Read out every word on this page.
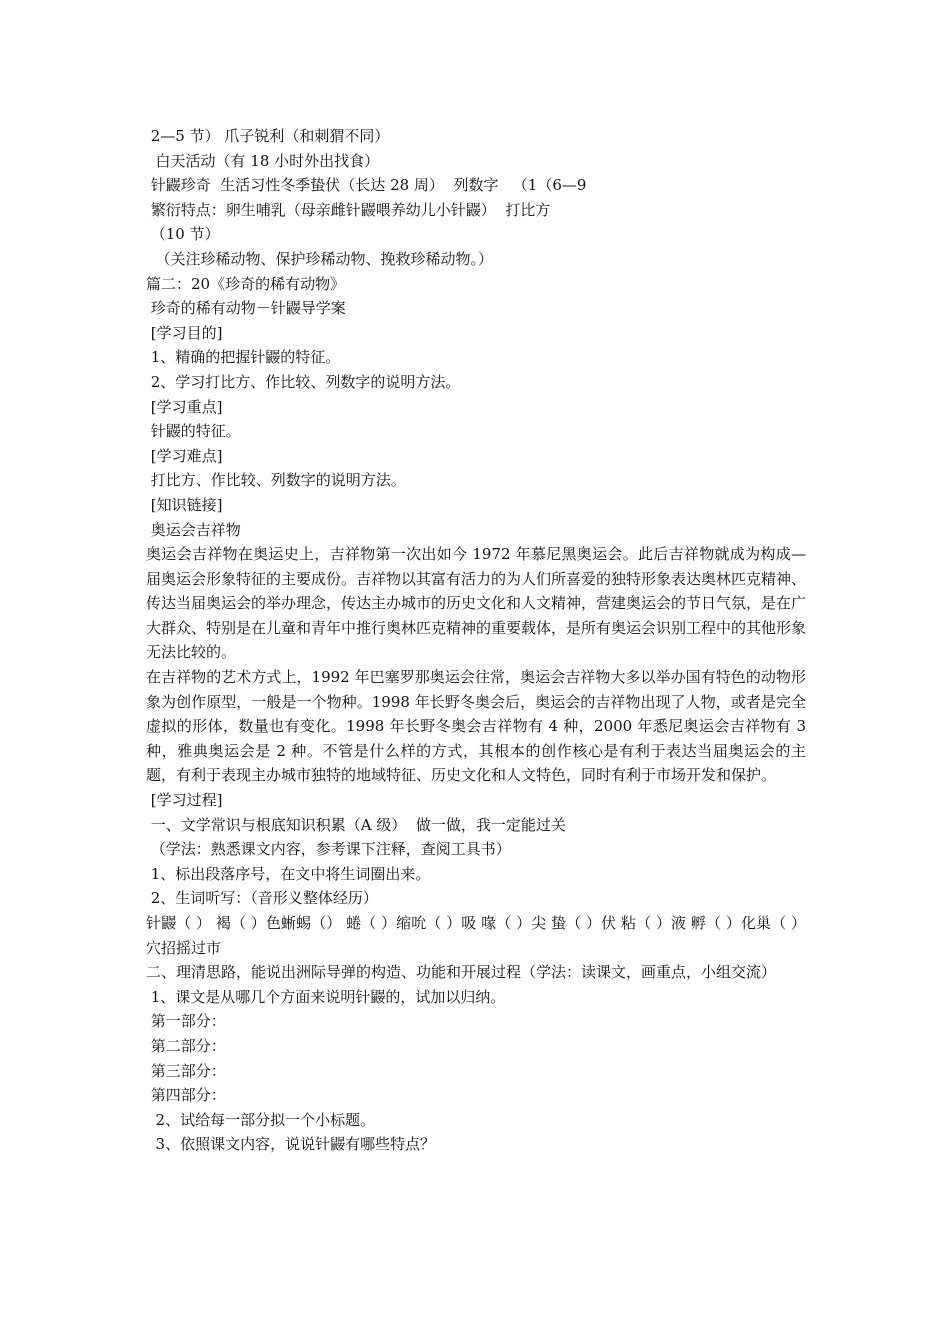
2—5 节） 爪子锐利（和刺猬不同）
白天活动（有 18 小时外出找食）
针鼹珍奇  生活习性冬季蛰伏（长达 28 周）  列数字   （1（6—9
繁衍特点：卵生哺乳（母亲雌针鼹喂养幼儿小针鼹）  打比方
（10 节）
（关注珍稀动物、保护珍稀动物、挽救珍稀动物。）
篇二：20《珍奇的稀有动物》
珍奇的稀有动物－针鼹导学案
[学习目的]
1、精确的把握针鼹的特征。
2、学习打比方、作比较、列数字的说明方法。
[学习重点]
针鼹的特征。
[学习难点]
打比方、作比较、列数字的说明方法。
[知识链接]
奥运会吉祥物
奥运会吉祥物在奥运史上，吉祥物第一次出如今 1972 年慕尼黑奥运会。此后吉祥物就成为构成—届奥运会形象特征的主要成份。吉祥物以其富有活力的为人们所喜爱的独特形象表达奥林匹克精神、传达当届奥运会的举办理念，传达主办城市的历史文化和人文精神，营建奥运会的节日气氛，是在广大群众、特别是在儿童和青年中推行奥林匹克精神的重要载体，是所有奥运会识别工程中的其他形象无法比较的。
在吉祥物的艺术方式上，1992 年巴塞罗那奥运会往常，奥运会吉祥物大多以举办国有特色的动物形象为创作原型，一般是一个物种。1998 年长野冬奥会后，奥运会的吉祥物出现了人物，或者是完全虚拟的形体，数量也有变化。1998 年长野冬奥会吉祥物有 4 种，2000 年悉尼奥运会吉祥物有 3 种，雅典奥运会是 2 种。不管是什么样的方式，其根本的创作核心是有利于表达当届奥运会的主题，有利于表现主办城市独特的地域特征、历史文化和人文特色，同时有利于市场开发和保护。
[学习过程]
一、文学常识与根底知识积累（A 级）  做一做，我一定能过关
（学法：熟悉课文内容，参考课下注释，查阅工具书）
1、标出段落序号，在文中将生词圈出来。
2、生词听写：（音形义整体经历）
针鼹（ ） 褐（ ）色蜥蜴（） 蜷（ ）缩吮（ ）吸 喙（ ）尖 蛰（ ）伏 粘（ ）液 孵（ ）化巢（ ）穴招摇过市
二、理清思路，能说出洲际导弹的构造、功能和开展过程（学法：读课文，画重点，小组交流）
1、课文是从哪几个方面来说明针鼹的，试加以归纳。
第一部分：
第二部分：
第三部分：
第四部分：
2、试给每一部分拟一个小标题。
3、依照课文内容，说说针鼹有哪些特点？
